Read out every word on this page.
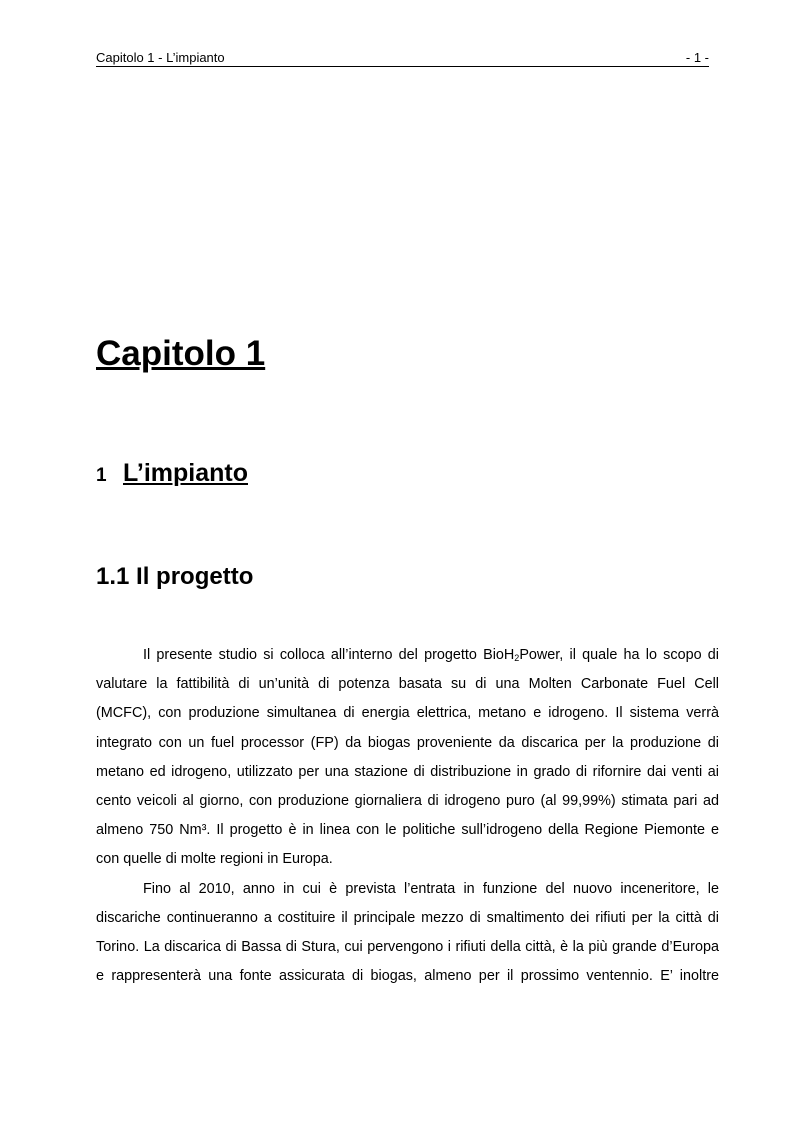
Capitolo 1 - L’impianto	- 1 -
Capitolo 1
1 L’impianto
1.1 Il progetto
Il presente studio si colloca all’interno del progetto BioH$_2$Power, il quale ha lo scopo di
valutare la fattibilità di un’unità di potenza basata su di una Molten Carbonate Fuel Cell
(MCFC), con produzione simultanea di energia elettrica, metano e idrogeno. Il sistema verrà
integrato con un fuel processor (FP) da biogas proveniente da discarica per la produzione di
metano ed idrogeno, utilizzato per una stazione di distribuzione in grado di rifornire dai venti ai
cento veicoli al giorno, con produzione giornaliera di idrogeno puro (al 99,99%) stimata pari ad
almeno 750 Nm³. Il progetto è in linea con le politiche sull’idrogeno della Regione Piemonte e
con quelle di molte regioni in Europa.
Fino al 2010, anno in cui è prevista l’entrata in funzione del nuovo inceneritore, le
discariche continueranno a costituire il principale mezzo di smaltimento dei rifiuti per la città di
Torino. La discarica di Bassa di Stura, cui pervengono i rifiuti della città, è la più grande d’Europa
e rappresenterà una fonte assicurata di biogas, almeno per il prossimo ventennio. E’ inoltre
